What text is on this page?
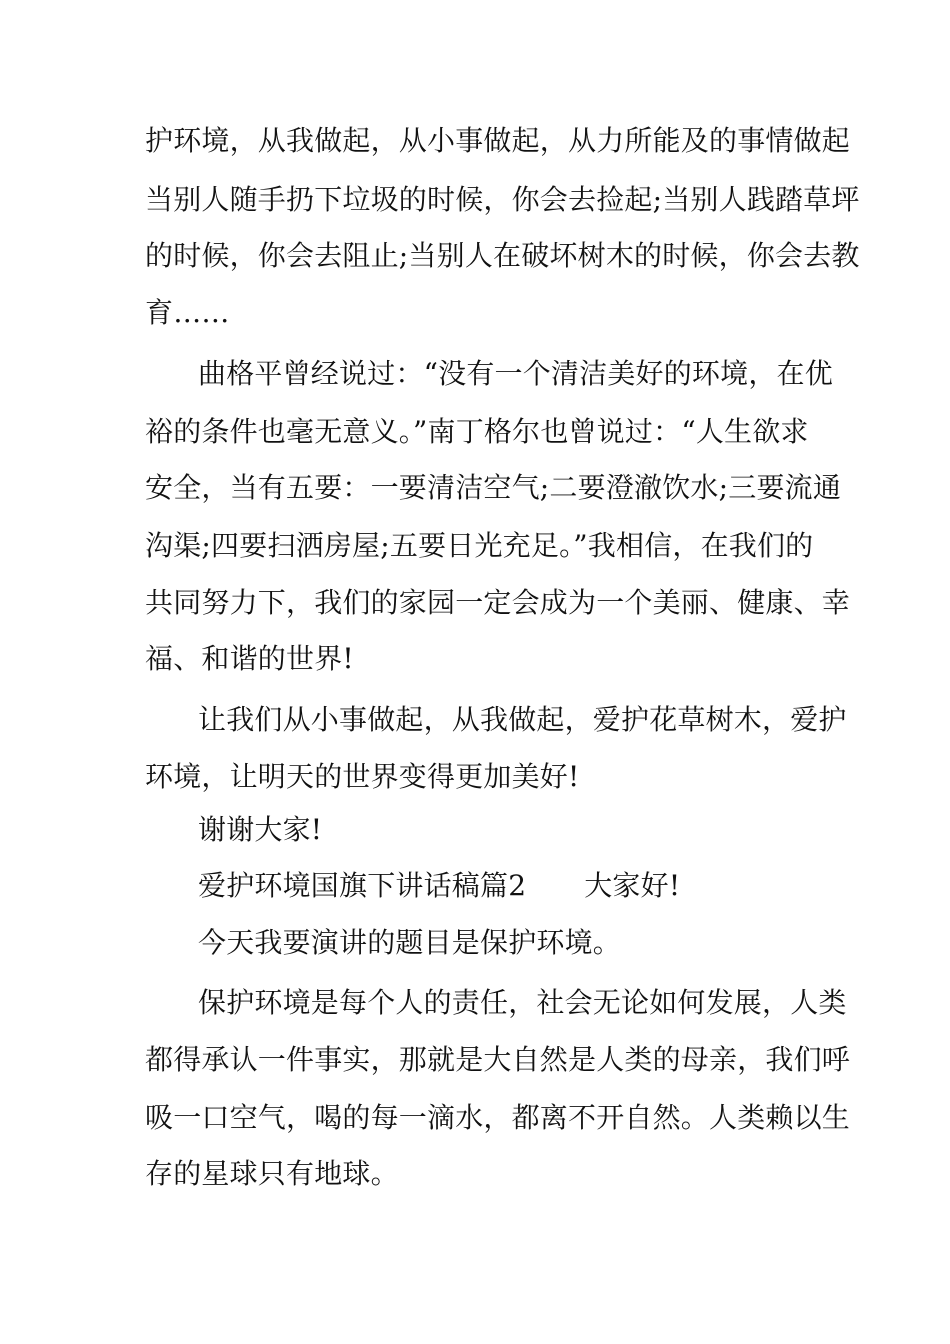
护环境，从我做起，从小事做起，从力所能及的事情做起
当别人随手扔下垃圾的时候，你会去捡起;当别人践踏草坪
的时候，你会去阻止;当别人在破坏树木的时候，你会去教
育……
曲格平曾经说过：“没有一个清洁美好的环境，在优
裕的条件也毫无意义。”南丁格尔也曾说过：“人生欲求
安全，当有五要：一要清洁空气;二要澄澈饮水;三要流通
沟渠;四要扫洒房屋;五要日光充足。”我相信，在我们的
共同努力下，我们的家园一定会成为一个美丽、健康、幸
福、和谐的世界!
让我们从小事做起，从我做起，爱护花草树木，爱护
环境，让明天的世界变得更加美好!
谢谢大家!
爱护环境国旗下讲话稿篇2 大家好!
今天我要演讲的题目是保护环境。
保护环境是每个人的责任，社会无论如何发展，人类
都得承认一件事实，那就是大自然是人类的母亲，我们呼
吸一口空气，喝的每一滴水，都离不开自然。人类赖以生
存的星球只有地球。
